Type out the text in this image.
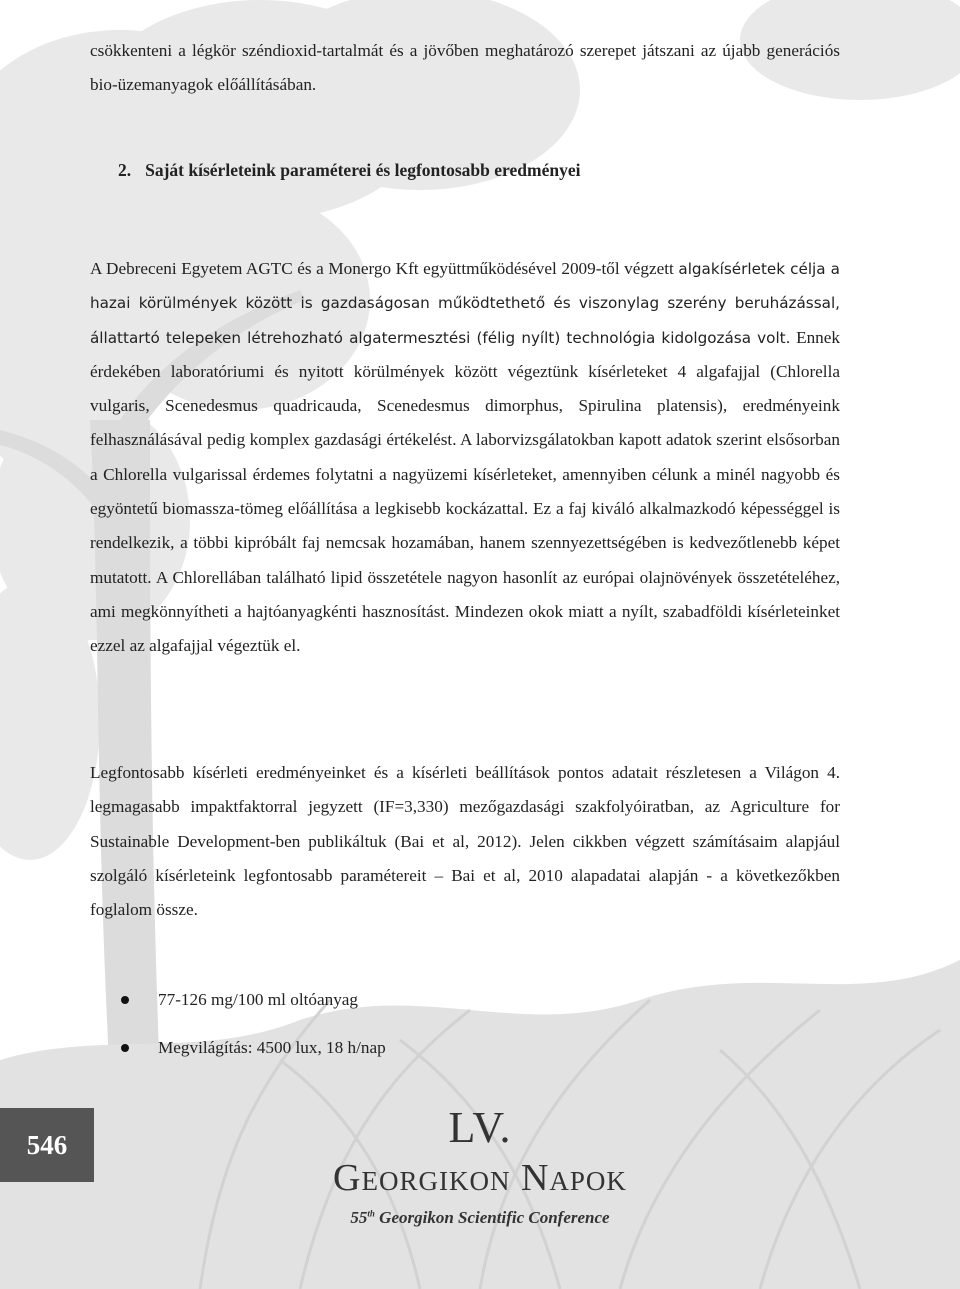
csökkenteni a légkör széndioxid-tartalmát és a jövőben meghatározó szerepet játszani az újabb generációs bio-üzemanyagok előállításában.

A Debreceni Egyetem AGTC és a Monergo Kft együttműködésével 2009-től végzett algakísérletek célja a hazai körülmények között is gazdaságosan működtethető és viszonylag szerény beruházással, állattartó telepeken létrehozható algatermesztési (félig nyílt) technológia kidolgozása volt. Ennek érdekében laboratóriumi és nyitott körülmények között végeztünk kísérleteket 4 algafajjal (Chlorella vulgaris, Scenedesmus quadricauda, Scenedesmus dimorphus, Spirulina platensis), eredményeink felhasználásával pedig komplex gazdasági értékelést. A laborvizsgálatokban kapott adatok szerint elsősorban a Chlorella vulgarissal érdemes folytatni a nagyüzemi kísérleteket, amennyiben célunk a minél nagyobb és egyöntetű biomassza-tömeg előállítása a legkisebb kockázattal. Ez a faj kiváló alkalmazkodó képességgel is rendelkezik, a többi kipróbált faj nemcsak hozamában, hanem szennyezettségében is kedvezőtlenebb képet mutatott. A Chlorellában található lipid összetétele nagyon hasonlít az európai olajnövények összetételéhez, ami megkönnyítheti a hajtóanyagkénti hasznosítást. Mindezen okok miatt a nyílt, szabadföldi kísérleteinket ezzel az algafajjal végeztük el.

Legfontosabb kísérleti eredményeinket és a kísérleti beállítások pontos adatait részletesen a Világon 4. legmagasabb impaktfaktorral jegyzett (IF=3,330) mezőgazdasági szakfolyóiratban, az Agriculture for Sustainable Development-ben publikáltuk (Bai et al, 2012). Jelen cikkben végzett számításaim alapjául szolgáló kísérleteink legfontosabb paramétereit – Bai et al, 2010 alapadatai alapján - a következőkben foglalom össze.

2. Saját kísérleteink paraméterei és legfontosabb eredményei
77-126 mg/100 ml oltóanyag
Megvilágítás: 4500 lux, 18 h/nap
546	LV.
Georgikon Napok
55th Georgikon Scientific Conference
